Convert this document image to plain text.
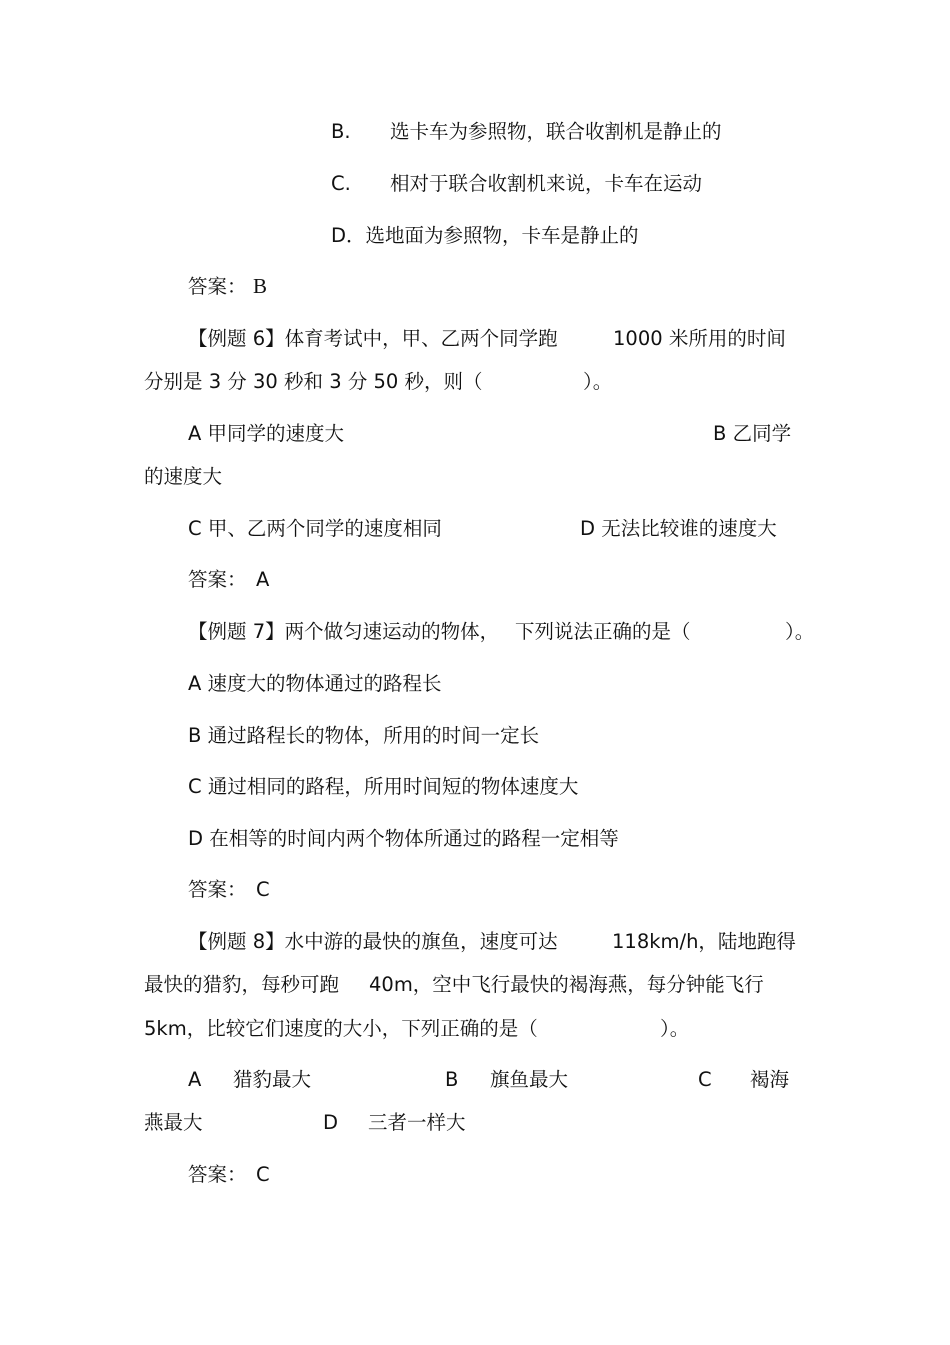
B. 选卡车为参照物，联合收割机是静止的
C. 相对于联合收割机来说，卡车在运动
D．选地面为参照物，卡车是静止的
答案： B
【例题 6】体育考试中，甲、乙两个同学跑	1000 米所用的时间
分别是 3 分 30 秒和 3 分 50 秒，则（	）。
A 甲同学的速度大	B 乙同学
的速度大
C 甲、乙两个同学的速度相同	D 无法比较谁的速度大
答案： A
【例题 7】两个做匀速运动的物体， 下列说法正确的是（	）。
A 速度大的物体通过的路程长
B 通过路程长的物体，所用的时间一定长
C 通过相同的路程，所用时间短的物体速度大
D 在相等的时间内两个物体所通过的路程一定相等
答案： C
【例题 8】水中游的最快的旗鱼，速度可达	118km/h，陆地跑得
最快的猎豹，每秒可跑 40m，空中飞行最快的褐海燕，每分钟能飞行
5km，比较它们速度的大小，下列正确的是（	）。
A 猎豹最大	B 旗鱼最大	C 褐海
燕最大	D 三者一样大
答案： C
